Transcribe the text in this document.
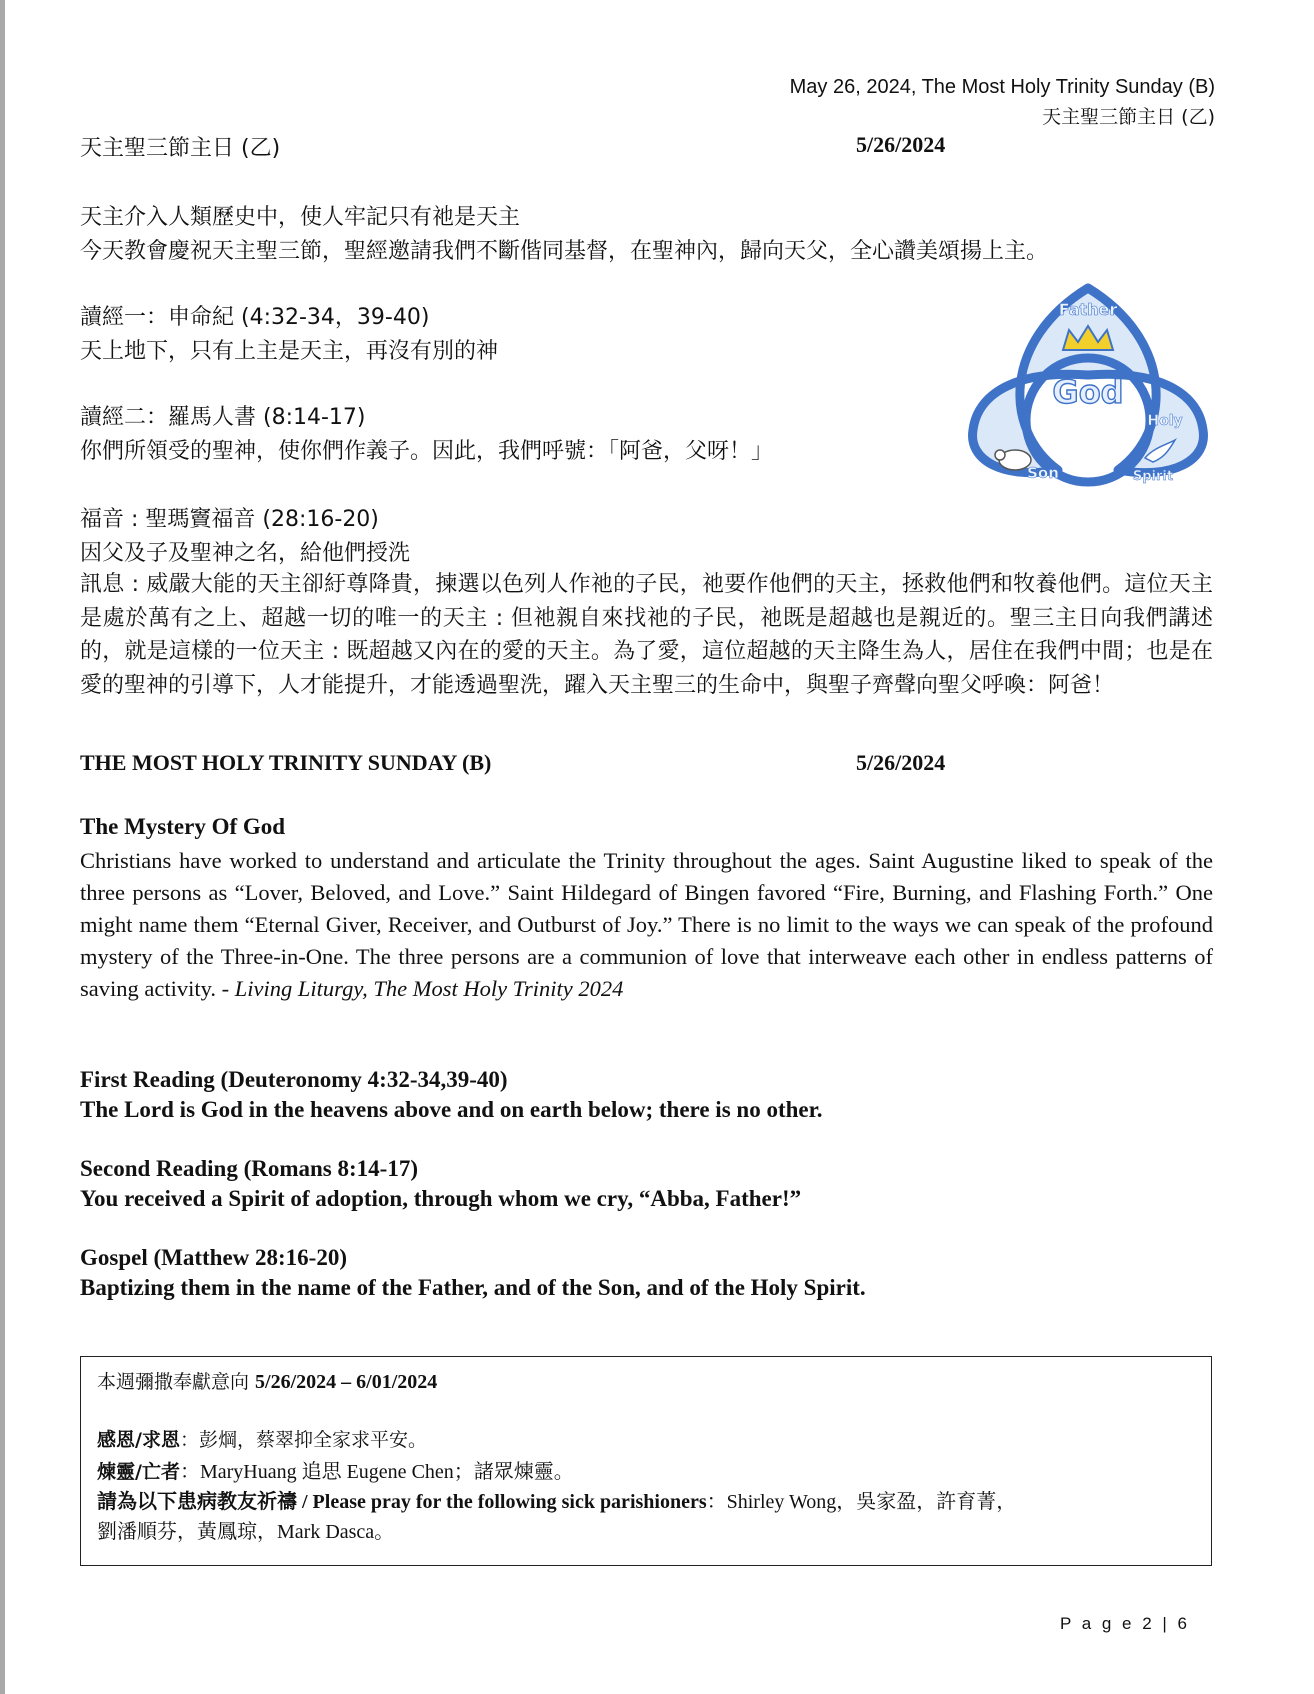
May 26, 2024, The Most Holy Trinity Sunday (B)
天主聖三節主日 (乙)
天主聖三節主日 (乙)	5/26/2024
天主介入人類歷史中，使人牢記只有祂是天主
今天教會慶祝天主聖三節，聖經邀請我們不斷偕同基督，在聖神內，歸向天父，全心讚美頌揚上主。
讀經一：申命紀 (4:32-34，39-40)
天上地下，只有上主是天主，再沒有別的神
讀經二：羅馬人書 (8:14-17)
你們所領受的聖神，使你們作義子。因此，我們呼號：「阿爸，父呀！」
福音 : 聖瑪竇福音 (28:16-20)
因父及子及聖神之名，給他們授洗
訊息 : 威嚴大能的天主卻紆尊降貴，揀選以色列人作祂的子民，祂要作他們的天主，拯救他們和牧養他們。這位天主是處於萬有之上、超越一切的唯一的天主 : 但祂親自來找祂的子民，祂既是超越也是親近的。聖三主日向我們講述的，就是這樣的一位天主 : 既超越又內在的愛的天主。為了愛，這位超越的天主降生為人，居住在我們中間；也是在愛的聖神的引導下，人才能提升，才能透過聖洗，躍入天主聖三的生命中，與聖子齊聲向聖父呼喚：阿爸！
Father
God
Holy
Spirit
Son
THE MOST HOLY TRINITY SUNDAY (B)	5/26/2024
The Mystery Of God
Christians have worked to understand and articulate the Trinity throughout the ages. Saint Augustine liked to speak of the three persons as “Lover, Beloved, and Love.” Saint Hildegard of Bingen favored “Fire, Burning, and Flashing Forth.” One might name them “Eternal Giver, Receiver, and Outburst of Joy.” There is no limit to the ways we can speak of the profound mystery of the Three-in-One. The three persons are a communion of love that interweave each other in endless patterns of saving activity. - Living Liturgy, The Most Holy Trinity 2024
First Reading (Deuteronomy 4:32-34,39-40)
The Lord is God in the heavens above and on earth below; there is no other.
Second Reading (Romans 8:14-17)
You received a Spirit of adoption, through whom we cry, “Abba, Father!”
Gospel (Matthew 28:16-20)
Baptizing them in the name of the Father, and of the Son, and of the Holy Spirit.
本週彌撒奉獻意向 5/26/2024 – 6/01/2024
感恩/求恩：彭焵，蔡翠抑全家求平安。
煉靈/亡者：MaryHuang 追思 Eugene Chen；諸眾煉靈。
請為以下患病教友祈禱 / Please pray for the following sick parishioners：Shirley Wong，吳家盈，許育菁，
劉潘順芬，黃鳳琼，Mark Dasca。
P a g e 2 | 6
